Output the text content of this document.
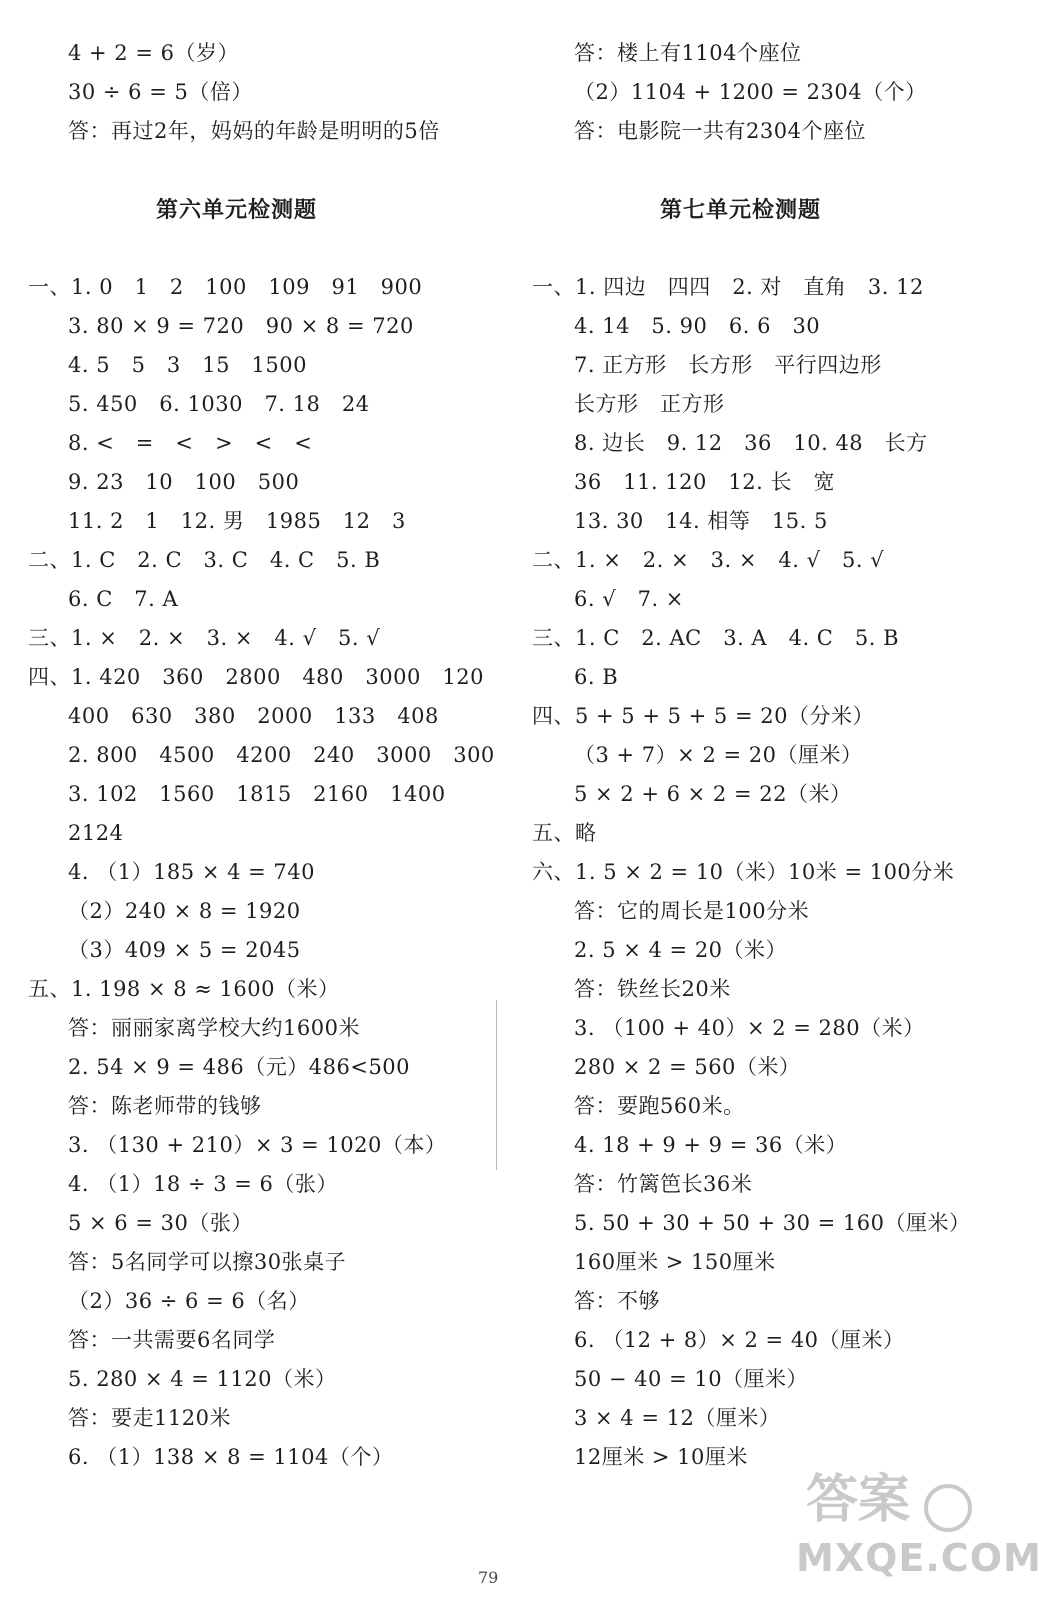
4 + 2 = 6（岁）
30 ÷ 6 = 5（倍）
答：再过2年，妈妈的年龄是明明的5倍
第六单元检测题
一、1. 0　1　2　100　109　91　900
3. 80 × 9 = 720　90 × 8 = 720
4. 5　5　3　15　1500
5. 450　6. 1030　7. 18　24
8. <　=　<　>　<　<
9. 23　10　100　500
11. 2　1　12. 男　1985　12　3
二、1. C　2. C　3. C　4. C　5. B
6. C　7. A
三、1. ×　2. ×　3. ×　4. √　5. √
四、1. 420　360　2800　480　3000　120
400　630　380　2000　133　408
2. 800　4500　4200　240　3000　300
3. 102　1560　1815　2160　1400
2124
4. （1）185 × 4 = 740
（2）240 × 8 = 1920
（3）409 × 5 = 2045
五、1. 198 × 8 ≈ 1600（米）
答：丽丽家离学校大约1600米
2. 54 × 9 = 486（元）486<500
答：陈老师带的钱够
3. （130 + 210）× 3 = 1020（本）
4. （1）18 ÷ 3 = 6（张）
5 × 6 = 30（张）
答：5名同学可以擦30张桌子
（2）36 ÷ 6 = 6（名）
答：一共需要6名同学
5. 280 × 4 = 1120（米）
答：要走1120米
6. （1）138 × 8 = 1104（个）
答：楼上有1104个座位
（2）1104 + 1200 = 2304（个）
答：电影院一共有2304个座位
第七单元检测题
一、1. 四边　四四　2. 对　直角　3. 12
4. 14　5. 90　6. 6　30
7. 正方形　长方形　平行四边形
长方形　正方形
8. 边长　9. 12　36　10. 48　长方
36　11. 120　12. 长　宽
13. 30　14. 相等　15. 5
二、1. ×　2. ×　3. ×　4. √　5. √
6. √　7. ×
三、1. C　2. AC　3. A　4. C　5. B
6. B
四、5 + 5 + 5 + 5 = 20（分米）
（3 + 7）× 2 = 20（厘米）
5 × 2 + 6 × 2 = 22（米）
五、略
六、1. 5 × 2 = 10（米）10米 = 100分米
答：它的周长是100分米
2. 5 × 4 = 20（米）
答：铁丝长20米
3. （100 + 40）× 2 = 280（米）
280 × 2 = 560（米）
答：要跑560米。
4. 18 + 9 + 9 = 36（米）
答：竹篱笆长36米
5. 50 + 30 + 50 + 30 = 160（厘米）
160厘米 > 150厘米
答：不够
6. （12 + 8）× 2 = 40（厘米）
50 − 40 = 10（厘米）
3 × 4 = 12（厘米）
12厘米 > 10厘米
79
答案
MXQE.COM
